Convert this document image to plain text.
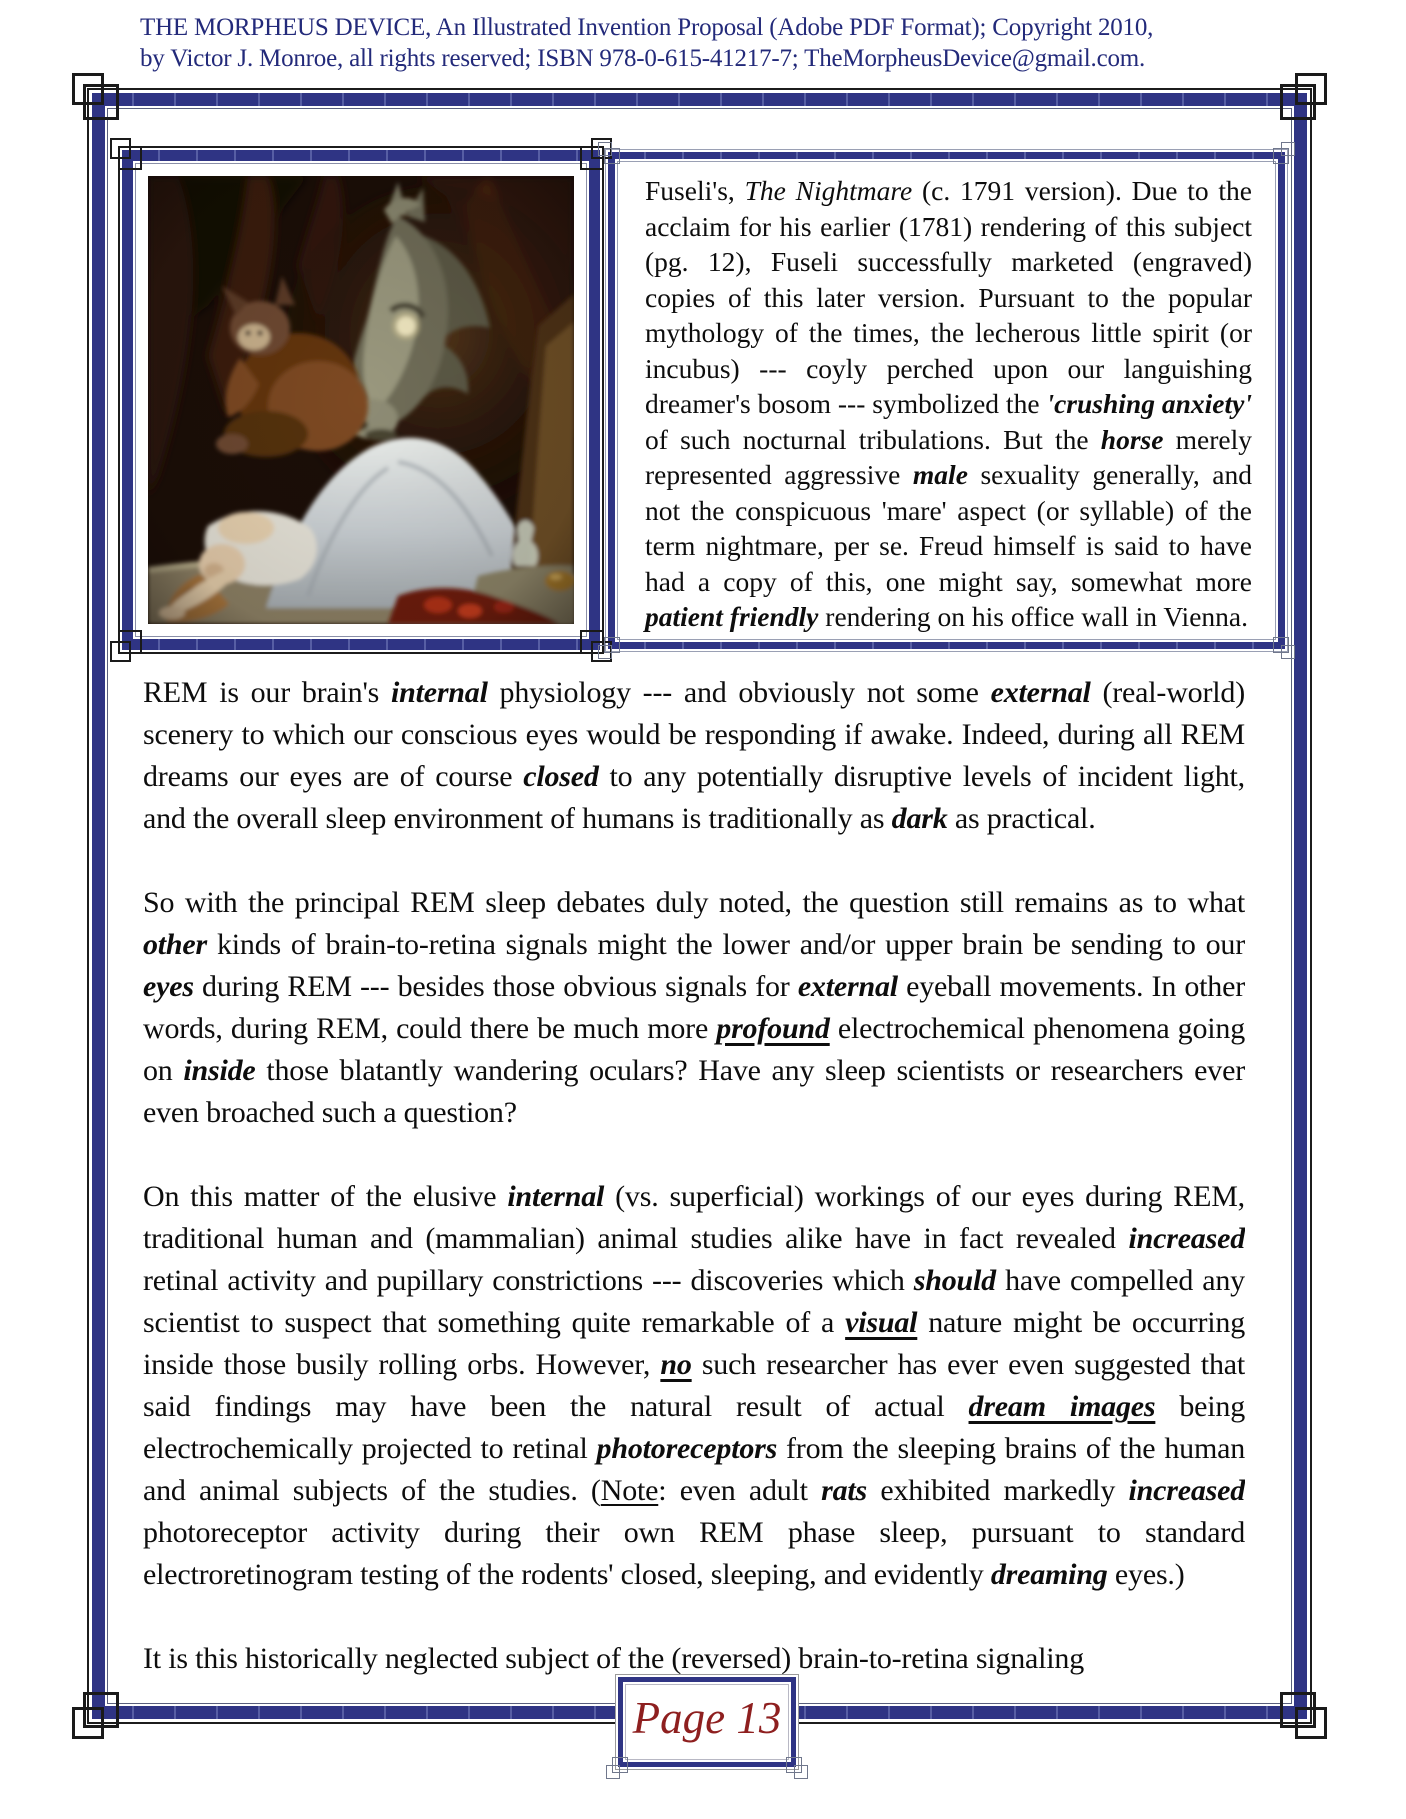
THE MORPHEUS DEVICE, An Illustrated Invention Proposal (Adobe PDF Format); Copyright 2010,
by Victor J. Monroe, all rights reserved; ISBN 978-0-615-41217-7; TheMorpheusDevice@gmail.com.

Fuseli's, The Nightmare (c. 1791 version). Due to the acclaim for his earlier (1781) rendering of this subject (pg. 12), Fuseli successfully marketed (engraved) copies of this later version. Pursuant to the popular mythology of the times, the lecherous little spirit (or incubus) --- coyly perched upon our languishing dreamer's bosom --- symbolized the 'crushing anxiety' of such nocturnal tribulations. But the horse merely represented aggressive male sexuality generally, and not the conspicuous 'mare' aspect (or syllable) of the term nightmare, per se. Freud himself is said to have had a copy of this, one might say, somewhat more patient friendly rendering on his office wall in Vienna.

REM is our brain's internal physiology --- and obviously not some external (real-world) scenery to which our conscious eyes would be responding if awake. Indeed, during all REM dreams our eyes are of course closed to any potentially disruptive levels of incident light, and the overall sleep environment of humans is traditionally as dark as practical.

So with the principal REM sleep debates duly noted, the question still remains as to what other kinds of brain-to-retina signals might the lower and/or upper brain be sending to our eyes during REM --- besides those obvious signals for external eyeball movements. In other words, during REM, could there be much more profound electrochemical phenomena going on inside those blatantly wandering oculars? Have any sleep scientists or researchers ever even broached such a question?

On this matter of the elusive internal (vs. superficial) workings of our eyes during REM, traditional human and (mammalian) animal studies alike have in fact revealed increased retinal activity and pupillary constrictions --- discoveries which should have compelled any scientist to suspect that something quite remarkable of a visual nature might be occurring inside those busily rolling orbs. However, no such researcher has ever even suggested that said findings may have been the natural result of actual dream images being electrochemically projected to retinal photoreceptors from the sleeping brains of the human and animal subjects of the studies. (Note: even adult rats exhibited markedly increased photoreceptor activity during their own REM phase sleep, pursuant to standard electroretinogram testing of the rodents' closed, sleeping, and evidently dreaming eyes.)

It is this historically neglected subject of the (reversed) brain-to-retina signaling

Page 13
